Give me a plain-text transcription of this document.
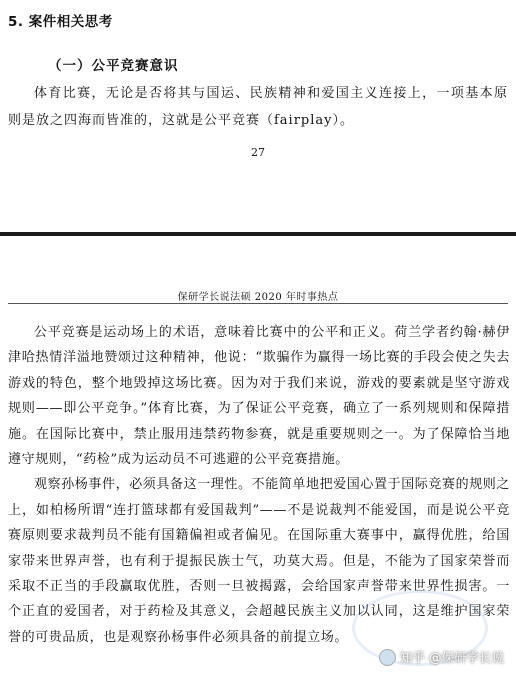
5. 案件相关思考
（一）公平竞赛意识
体育比赛，无论是否将其与国运、民族精神和爱国主义连接上，一项基本原则是放之四海而皆准的，这就是公平竞赛（fairplay）。
27
保研学长说法硕 2020 年时事热点

公平竞赛是运动场上的术语，意味着比赛中的公平和正义。荷兰学者约翰·赫伊津哈热情洋溢地赞颂过这种精神，他说：“欺骗作为赢得一场比赛的手段会使之失去游戏的特色，整个地毁掉这场比赛。因为对于我们来说，游戏的要素就是坚守游戏规则——即公平竞争。”体育比赛，为了保证公平竞赛，确立了一系列规则和保障措施。在国际比赛中，禁止服用违禁药物参赛，就是重要规则之一。为了保障恰当地遵守规则，“药检”成为运动员不可逃避的公平竞赛措施。

观察孙杨事件，必须具备这一理性。不能简单地把爱国心置于国际竞赛的规则之上，如柏杨所谓“连打篮球都有爱国裁判”——不是说裁判不能爱国，而是说公平竞赛原则要求裁判员不能有国籍偏袒或者偏见。在国际重大赛事中，赢得优胜，给国家带来世界声誉，也有利于提振民族士气，功莫大焉。但是，不能为了国家荣誉而采取不正当的手段赢取优胜，否则一旦被揭露，会给国家声誉带来世界性损害。一个正直的爱国者，对于药检及其意义，会超越民族主义加以认同，这是维护国家荣誉的可贵品质，也是观察孙杨事件必须具备的前提立场。

知乎 @保研学长说
